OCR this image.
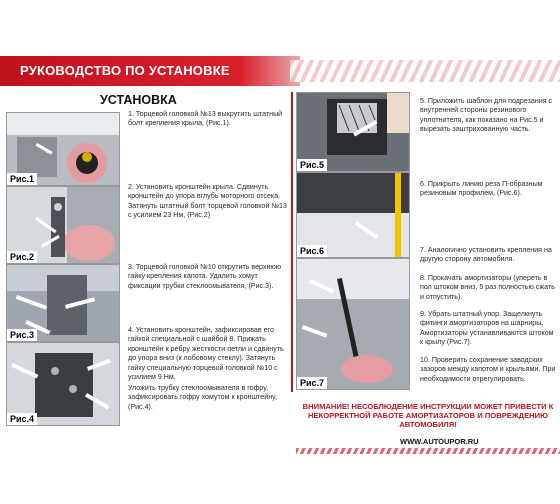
РУКОВОДСТВО ПО УСТАНОВКЕ
УСТАНОВКА
Рис.1
Рис.2
Рис.3
Рис.4
1. Торцевой головкой №13 выкрутить штатный болт крепления крыла, (Рис.1).
2. Установить кронштейн крыла. Сдвинуть кронштейн до упора вглубь моторного отсека. Затянуть штатный болт торцевой головкой №13 с усилием 23 Нм, (Рис.2)
3. Торцевой головкой №10 открутить верхнюю гайку крепления капота. Удалить хомут фиксации трубки стеклоомывателя, (Рис.3).
4. Установить кронштейн, зафиксировав его гайкой специальной с шайбой 8. Прижать кронштейн к ребру жесткости петли и сдвинуть до упора вниз (к лобовому стеклу). Затянуть гайку специальную торцевой головкой №10 с усилием 9 Нм.
Уложить трубку стеклоомывателя в гофру, зафиксировать гофру хомутом к кронштейну, (Рис.4).
Рис.5
Рис.6
Рис.7
5. Приложить шаблон для подрезания с внутренней стороны резинового уплотнителя, как показано на Рис.5 и вырезать заштрихованную часть.
6. Прикрыть линию реза П-образным резиновым профилем, (Рис.6).
7. Аналогично установить крепления на другую сторону автомобиля.
8. Прокачать амортизаторы (упереть в пол штоком вниз, 5 раз полностью сжать и отпустить).
9. Убрать штатный упор. Защелкнуть фитинги амортизаторов на шарниры. Амортизаторы устанавливаются штоком к крылу (Рис.7).
10. Проверить сохранение заводских зазоров между капотом и крыльями. При необходимости отрегулировать.
ВНИМАНИЕ! НЕСОБЛЮДЕНИЕ ИНСТРУКЦИИ МОЖЕТ ПРИВЕСТИ К НЕКОРРЕКТНОЙ РАБОТЕ АМОРТИЗАТОРОВ И ПОВРЕЖДЕНИЮ АВТОМОБИЛЯ!
WWW.AUTOUPOR.RU
